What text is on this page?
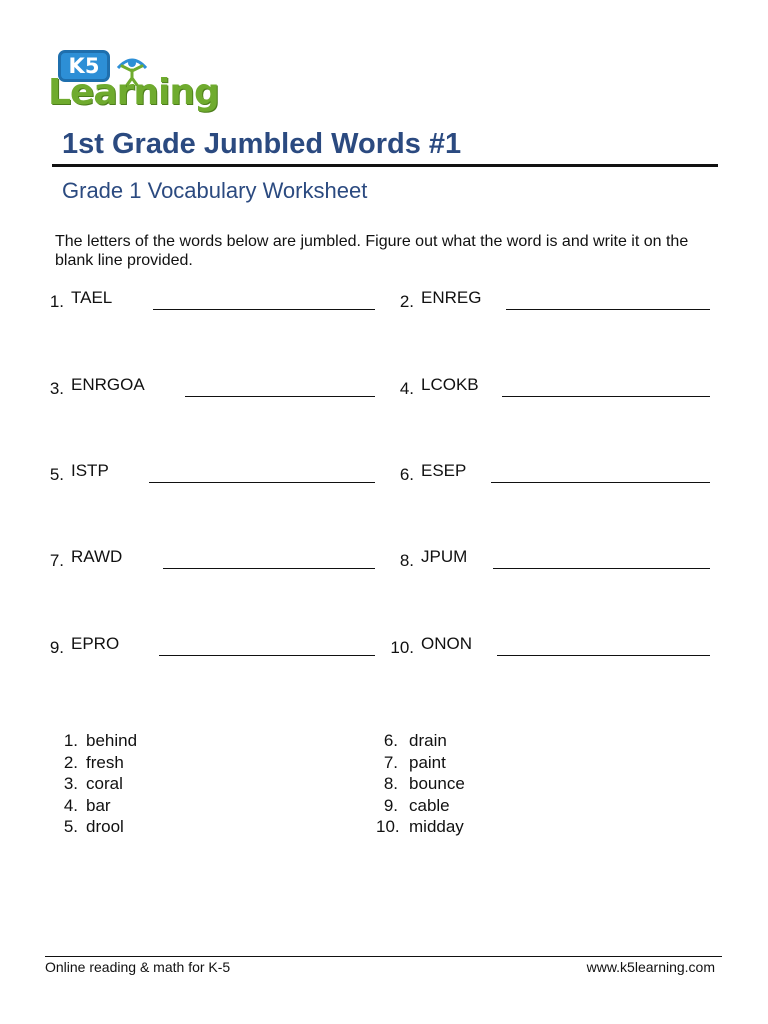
K5
Learning
1st Grade Jumbled Words #1
Grade 1 Vocabulary Worksheet
The letters of the words below are jumbled. Figure out what the word is and write it on the blank line provided.
1. TAEL	2. ENREG
3. ENRGOA	4. LCOKB
5. ISTP	6. ESEP
7. RAWD	8. JPUM
9. EPRO	10. ONON
1. behind
2. fresh
3. coral
4. bar
5. drool
6. drain
7. paint
8. bounce
9. cable
10. midday
Online reading & math for K-5	www.k5learning.com
